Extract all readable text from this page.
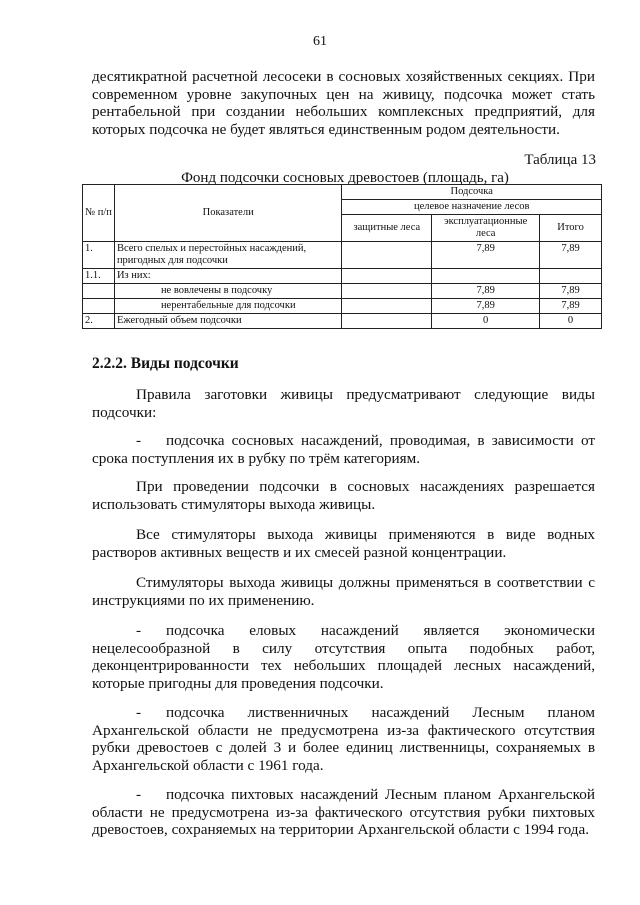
61

десятикратной расчетной лесосеки в сосновых хозяйственных секциях. При современном уровне закупочных цен на живицу, подсочка может стать рентабельной при создании небольших комплексных предприятий, для которых подсочка не будет являться единственным родом деятельности.

Таблица 13
Фонд подсочки сосновых древостоев (площадь, га)
№ п/п	Показатели	Подсочка		
		целевое назначение лесов		
		защитные леса	эксплуатационные леса	Итого
1.	Всего спелых и перестойных насаждений, пригодных для подсочки		7,89	7,89
1.1.	Из них:			
	не вовлечены в подсочку		7,89	7,89
	нерентабельные для подсочки		7,89	7,89
2.	Ежегодный объем подсочки		0	0
2.2.2. Виды подсочки

Правила заготовки живицы предусматривают следующие виды подсочки:

- подсочка сосновых насаждений, проводимая, в зависимости от срока поступления их в рубку по трём категориям.

При проведении подсочки в сосновых насаждениях разрешается использовать стимуляторы выхода живицы.

Все стимуляторы выхода живицы применяются в виде водных растворов активных веществ и их смесей разной концентрации.

Стимуляторы выхода живицы должны применяться в соответствии с инструкциями по их применению.

- подсочка еловых насаждений является экономически нецелесообразной в силу отсутствия опыта подобных работ, деконцентрированности тех небольших площадей лесных насаждений, которые пригодны для проведения подсочки.

- подсочка лиственничных насаждений Лесным планом Архангельской области не предусмотрена из-за фактического отсутствия рубки древостоев с долей 3 и более единиц лиственницы, сохраняемых в Архангельской области с 1961 года.

- подсочка пихтовых насаждений Лесным планом Архангельской области не предусмотрена из-за фактического отсутствия рубки пихтовых древостоев, сохраняемых на территории Архангельской области с 1994 года.
